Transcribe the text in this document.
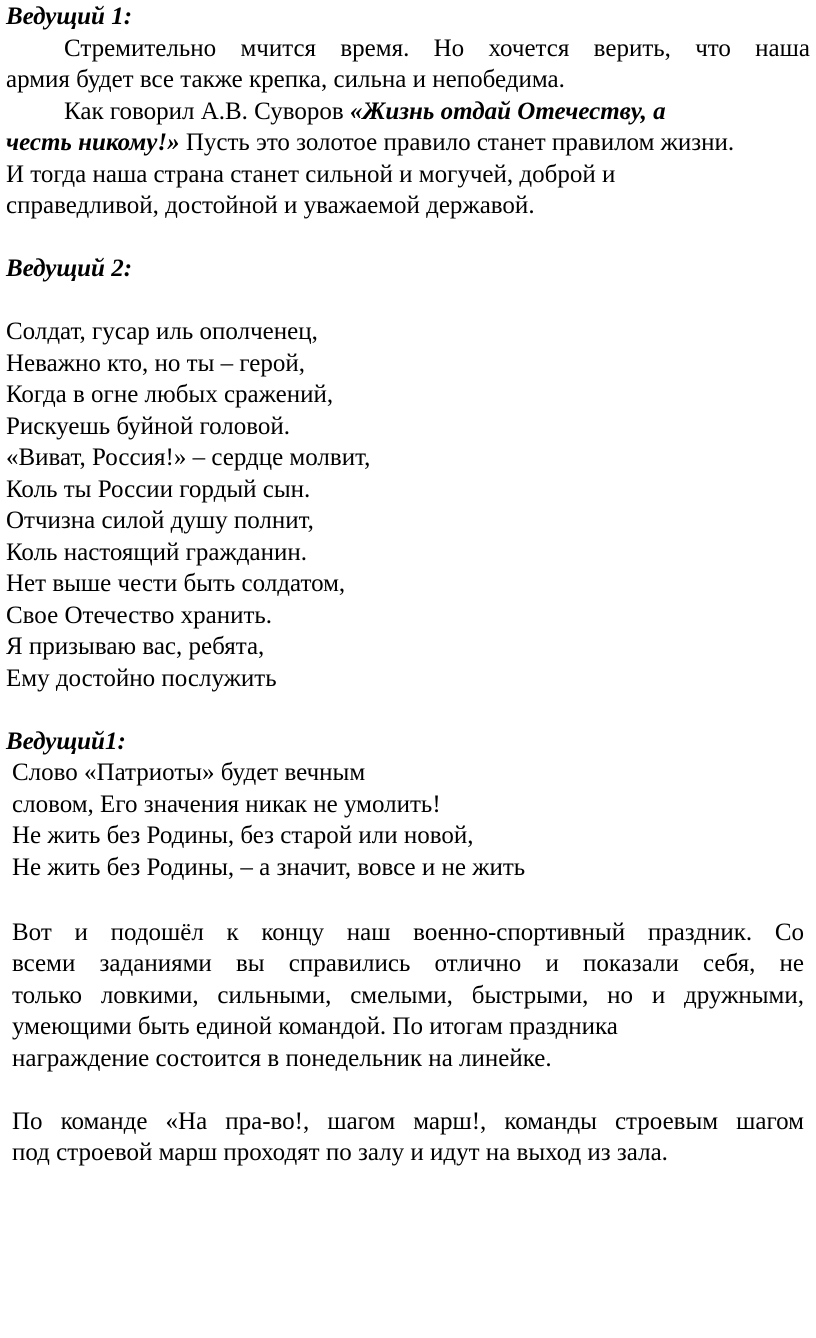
Ведущий 1:
Стремительно мчится время. Но хочется верить, что наша
армия будет все также крепка, сильна и непобедима.
Как говорил А.В. Суворов «Жизнь отдай Отечеству, а
честь никому!» Пусть это золотое правило станет правилом жизни.
И тогда наша страна станет сильной и могучей, доброй и
справедливой, достойной и уважаемой державой.
Ведущий 2:
Солдат, гусар иль ополченец,
Неважно кто, но ты – герой,
Когда в огне любых сражений,
Рискуешь буйной головой.
«Виват, Россия!» – сердце молвит,
Коль ты России гордый сын.
Отчизна силой душу полнит,
Коль настоящий гражданин.
Нет выше чести быть солдатом,
Свое Отечество хранить.
Я призываю вас, ребята,
Ему достойно послужить
Ведущий1:
Слово «Патриоты» будет вечным
словом, Его значения никак не умолить!
Не жить без Родины, без старой или новой,
Не жить без Родины, – а значит, вовсе и не жить
Вот и подошёл к концу наш военно-спортивный праздник. Со
всеми заданиями вы справились отлично и показали себя, не
только ловкими, сильными, смелыми, быстрыми, но и дружными,
умеющими быть единой командой. По итогам праздника
награждение состоится в понедельник на линейке.
По команде «На пра-во!, шагом марш!, команды строевым шагом
под строевой марш проходят по залу и идут на выход из зала.
